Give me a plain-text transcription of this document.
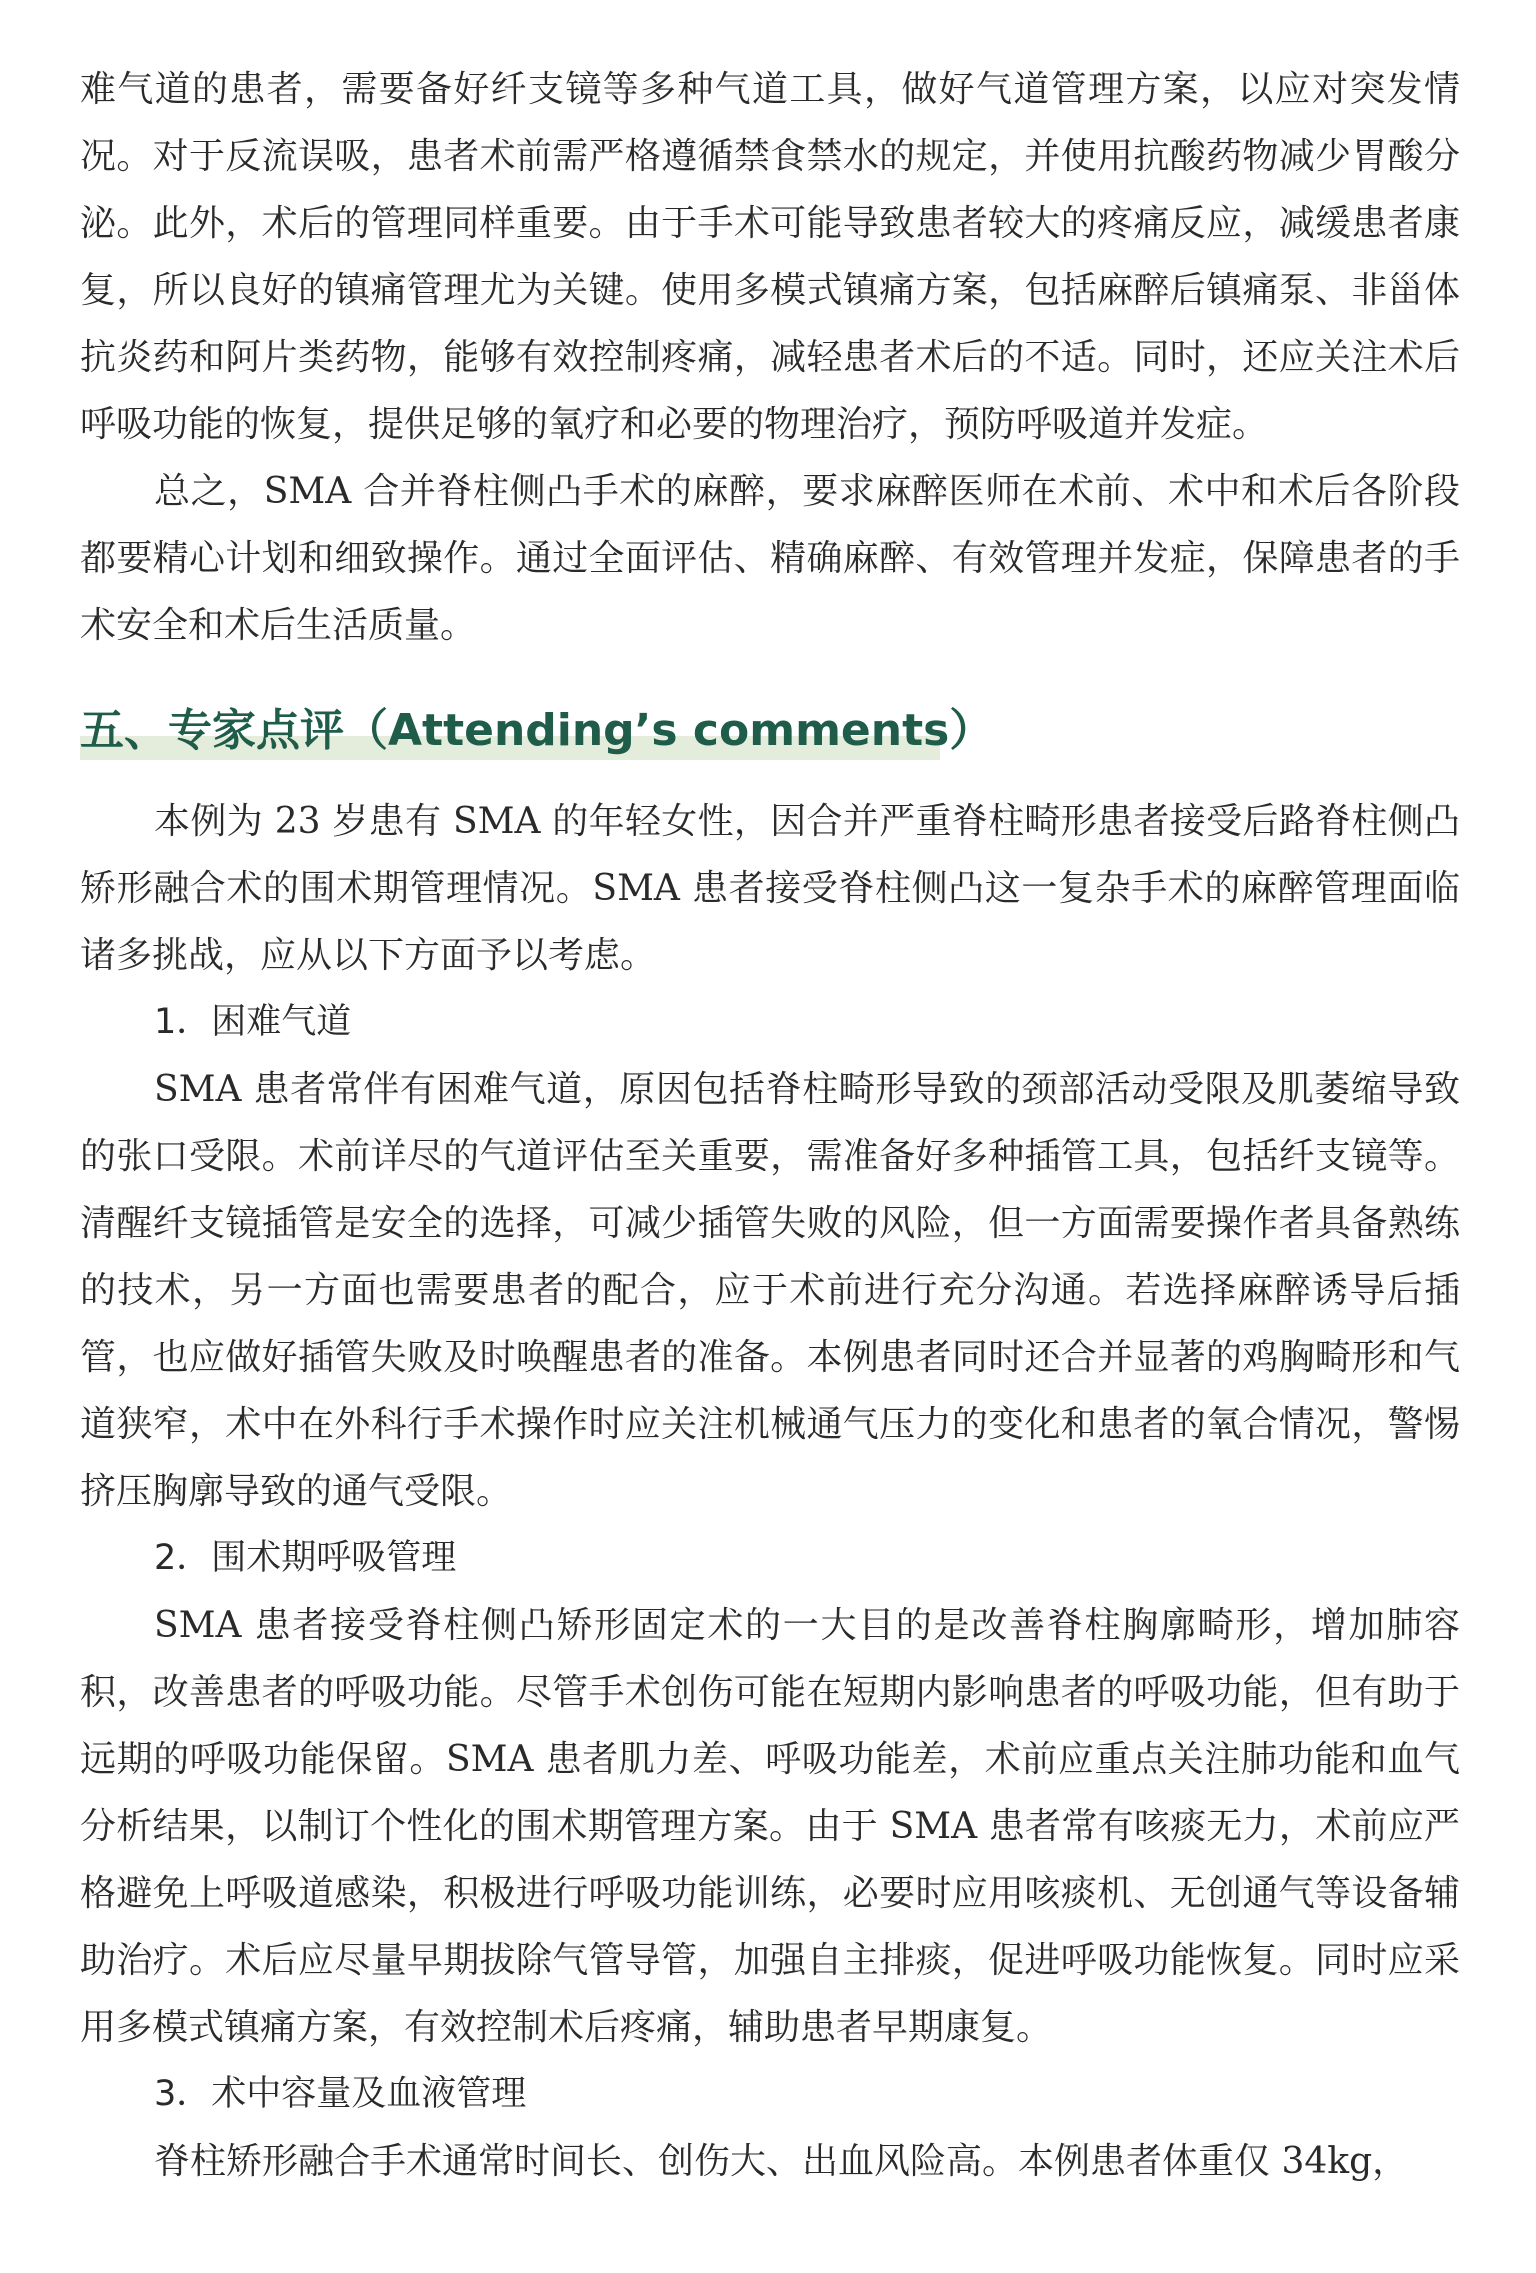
难气道的患者，需要备好纤支镜等多种气道工具，做好气道管理方案，以应对突发情况。对于反流误吸，患者术前需严格遵循禁食禁水的规定，并使用抗酸药物减少胃酸分泌。此外，术后的管理同样重要。由于手术可能导致患者较大的疼痛反应，减缓患者康复，所以良好的镇痛管理尤为关键。使用多模式镇痛方案，包括麻醉后镇痛泵、非甾体抗炎药和阿片类药物，能够有效控制疼痛，减轻患者术后的不适。同时，还应关注术后呼吸功能的恢复，提供足够的氧疗和必要的物理治疗，预防呼吸道并发症。

总之，SMA 合并脊柱侧凸手术的麻醉，要求麻醉医师在术前、术中和术后各阶段都要精心计划和细致操作。通过全面评估、精确麻醉、有效管理并发症，保障患者的手术安全和术后生活质量。

五、专家点评（Attending’s comments）

本例为 23 岁患有 SMA 的年轻女性，因合并严重脊柱畸形患者接受后路脊柱侧凸矫形融合术的围术期管理情况。SMA 患者接受脊柱侧凸这一复杂手术的麻醉管理面临诸多挑战，应从以下方面予以考虑。

1．困难气道

SMA 患者常伴有困难气道，原因包括脊柱畸形导致的颈部活动受限及肌萎缩导致的张口受限。术前详尽的气道评估至关重要，需准备好多种插管工具，包括纤支镜等。清醒纤支镜插管是安全的选择，可减少插管失败的风险，但一方面需要操作者具备熟练的技术，另一方面也需要患者的配合，应于术前进行充分沟通。若选择麻醉诱导后插管，也应做好插管失败及时唤醒患者的准备。本例患者同时还合并显著的鸡胸畸形和气道狭窄，术中在外科行手术操作时应关注机械通气压力的变化和患者的氧合情况，警惕挤压胸廓导致的通气受限。

2．围术期呼吸管理

SMA 患者接受脊柱侧凸矫形固定术的一大目的是改善脊柱胸廓畸形，增加肺容积，改善患者的呼吸功能。尽管手术创伤可能在短期内影响患者的呼吸功能，但有助于远期的呼吸功能保留。SMA 患者肌力差、呼吸功能差，术前应重点关注肺功能和血气分析结果，以制订个性化的围术期管理方案。由于 SMA 患者常有咳痰无力，术前应严格避免上呼吸道感染，积极进行呼吸功能训练，必要时应用咳痰机、无创通气等设备辅助治疗。术后应尽量早期拔除气管导管，加强自主排痰，促进呼吸功能恢复。同时应采用多模式镇痛方案，有效控制术后疼痛，辅助患者早期康复。

3．术中容量及血液管理

脊柱矫形融合手术通常时间长、创伤大、出血风险高。本例患者体重仅 34kg，
